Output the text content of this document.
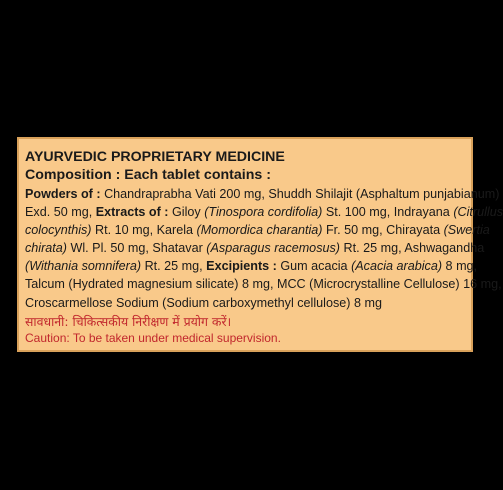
AYURVEDIC PROPRIETARY MEDICINE
Composition : Each tablet contains :
Powders of : Chandraprabha Vati 200 mg, Shuddh Shilajit (Asphaltum punjabianum)
Exd. 50 mg, Extracts of : Giloy (Tinospora cordifolia) St. 100 mg, Indrayana (Citrullus
colocynthis) Rt. 10 mg, Karela (Momordica charantia) Fr. 50 mg, Chirayata (Swertia
chirata) Wl. Pl. 50 mg, Shatavar (Asparagus racemosus) Rt. 25 mg, Ashwagandha
(Withania somnifera) Rt. 25 mg, Excipients : Gum acacia (Acacia arabica) 8 mg,
Talcum (Hydrated magnesium silicate) 8 mg, MCC (Microcrystalline Cellulose) 16 mg,
Croscarmellose Sodium (Sodium carboxymethyl cellulose) 8 mg
सावधानी: चिकित्सकीय निरीक्षण में प्रयोग करें।
Caution: To be taken under medical supervision.
